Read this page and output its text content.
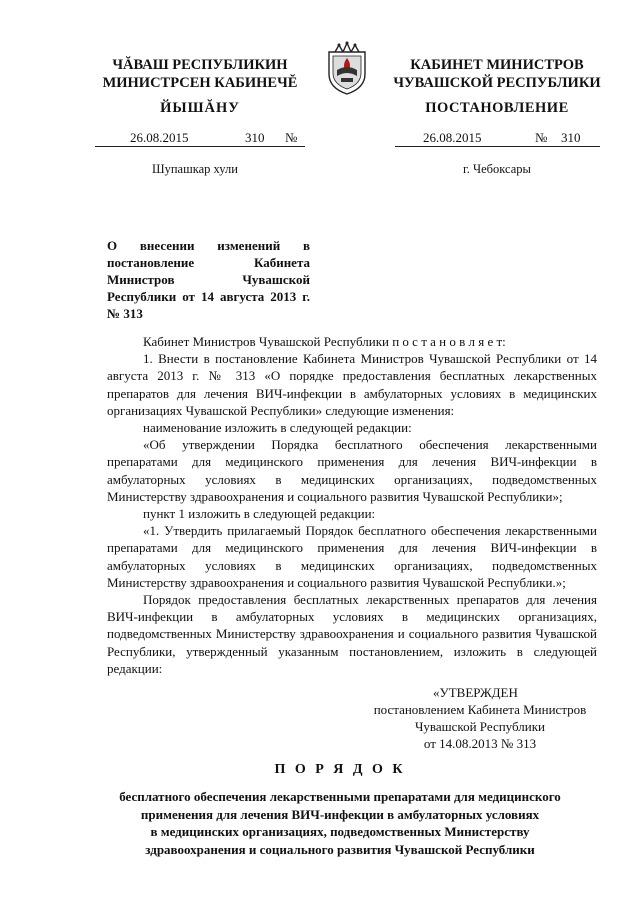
ЧĂВАШ РЕСПУБЛИКИН
МИНИСТРСЕН КАБИНЕЧĔ
ЙЫШĂНУ
КАБИНЕТ МИНИСТРОВ
ЧУВАШСКОЙ РЕСПУБЛИКИ
ПОСТАНОВЛЕНИЕ
26.08.2015	310 №	26.08.2015	№ 310
Шупашкар хули	г. Чебоксары
О внесении изменений в постановление Кабинета Министров Чувашской Республики от 14 августа 2013 г. № 313

Кабинет Министров Чувашской Республики п о с т а н о в л я е т:

1. Внести в постановление Кабинета Министров Чувашской Республики от 14 августа 2013 г. № 313 «О порядке предоставления бесплатных лекарственных препаратов для лечения ВИЧ-инфекции в амбулаторных условиях в медицинских организациях Чувашской Республики» следующие изменения:

наименование изложить в следующей редакции:

«Об утверждении Порядка бесплатного обеспечения лекарственными препаратами для медицинского применения для лечения ВИЧ-инфекции в амбулаторных условиях в медицинских организациях, подведомственных Министерству здравоохранения и социального развития Чувашской Республики»;

пункт 1 изложить в следующей редакции:

«1. Утвердить прилагаемый Порядок бесплатного обеспечения лекарственными препаратами для медицинского применения для лечения ВИЧ-инфекции в амбулаторных условиях в медицинских организациях, подведомственных Министерству здравоохранения и социального развития Чувашской Республики.»;

Порядок предоставления бесплатных лекарственных препаратов для лечения ВИЧ-инфекции в амбулаторных условиях в медицинских организациях, подведомственных Министерству здравоохранения и социального развития Чувашской Республики, утвержденный указанным постановлением, изложить в следующей редакции:

«УТВЕРЖДЕН
постановлением Кабинета Министров
Чувашской Республики
от 14.08.2013 № 313
П О Р Я Д О К
бесплатного обеспечения лекарственными препаратами для медицинского
применения для лечения ВИЧ-инфекции в амбулаторных условиях
в медицинских организациях, подведомственных Министерству
здравоохранения и социального развития Чувашской Республики
